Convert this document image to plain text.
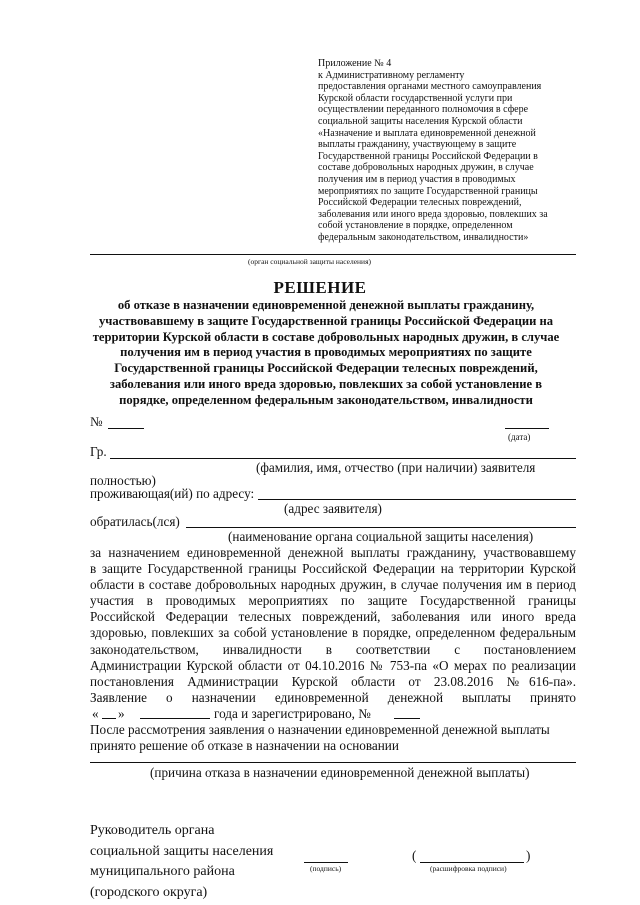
Приложение № 4
к Административному регламенту
предоставления органами местного самоуправления
Курской области государственной услуги при
осуществлении переданного полномочия в сфере
социальной защиты населения Курской области
«Назначение и выплата единовременной денежной
выплаты гражданину, участвующему в защите
Государственной границы Российской Федерации в
составе добровольных народных дружин, в случае
получения им в период участия в проводимых
мероприятиях по защите Государственной границы
Российской Федерации телесных повреждений,
заболевания или иного вреда здоровью, повлекших за
собой установление в порядке, определенном
федеральным законодательством, инвалидности»
(орган социальной защиты населения)
РЕШЕНИЕ
об отказе в назначении единовременной денежной выплаты гражданину,
участвовавшему в защите Государственной границы Российской Федерации на
территории Курской области в составе добровольных народных дружин, в случае
получения им в период участия в проводимых мероприятиях по защите
Государственной границы Российской Федерации телесных повреждений,
заболевания или иного вреда здоровью, повлекших за собой установление в
порядке, определенном федеральным законодательством, инвалидности
№
(дата)
Гр.
(фамилия, имя, отчество (при наличии) заявителя
полностью)
проживающая(ий) по адресу:
(адрес заявителя)
обратилась(лся)
(наименование органа социальной защиты населения)
за назначением единовременной денежной выплаты гражданину, участвовавшему
в защите Государственной границы Российской Федерации на территории Курской
области в составе добровольных народных дружин, в случае получения им в период
участия в проводимых мероприятиях по защите Государственной границы
Российской Федерации телесных повреждений, заболевания или иного вреда
здоровью, повлекших за собой установление в порядке, определенном федеральным
законодательством, инвалидности в соответствии с постановлением
Администрации Курской области от 04.10.2016 № 753-па «О мерах по реализации
постановления Администрации Курской области от 23.08.2016 №616-па».
Заявление о назначении единовременной денежной выплаты принято
« »	года и зарегистрировано, №
После рассмотрения заявления о назначении единовременной денежной выплаты
принято решение об отказе в назначении на основании
(причина отказа в назначении единовременной денежной выплаты)
Руководитель органа
социальной защиты населения
муниципального района
(городского округа)
(подпись)
(	)
(расшифровка подписи)
